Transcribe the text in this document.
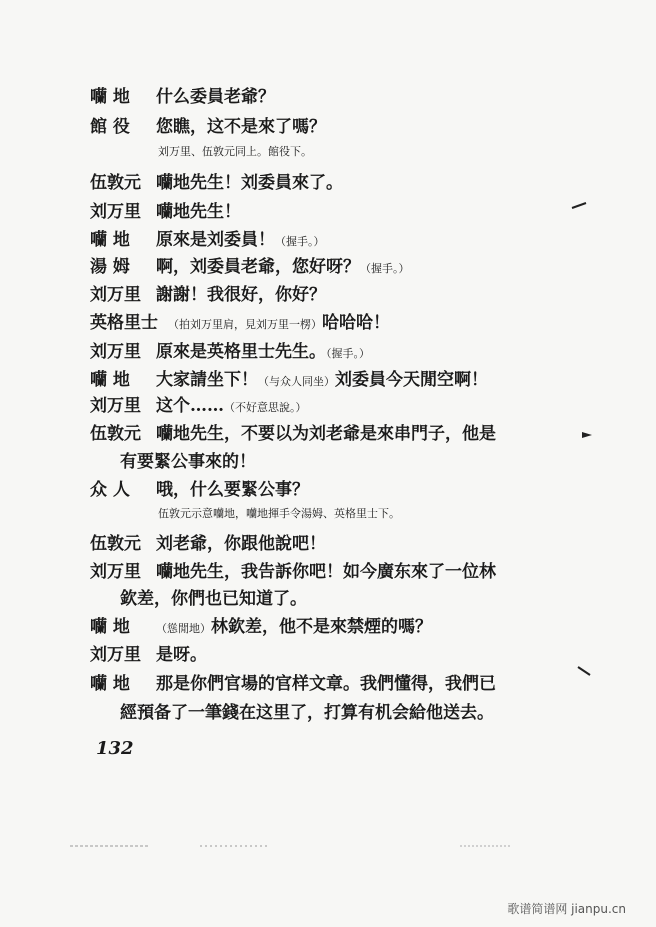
囒 地 什么委員老爺？
館 役 您瞧，这不是來了嗎？
刘万里、伍敦元同上。館役下。
伍敦元 囒地先生！刘委員來了。
刘万里 囒地先生！
囒 地 原來是刘委員！（握手。）
湯 姆 啊，刘委員老爺，您好呀？（握手。）
刘万里 謝謝！我很好，你好？
英格里士 （拍刘万里肩，見刘万里一楞）哈哈哈！
刘万里 原來是英格里士先生。（握手。）
囒 地 大家請坐下！（与众人同坐）刘委員今天閒空啊！
刘万里 这个……（不好意思說。）
伍敦元 囒地先生，不要以为刘老爺是來串門子，他是
有要緊公事來的！
众 人 哦，什么要緊公事？
伍敦元示意囒地，囒地揮手令湯姆、英格里士下。
伍敦元 刘老爺，你跟他說吧！
刘万里 囒地先生，我告訴你吧！如今廣东來了一位林
欽差，你們也已知道了。
囒 地 （慫閒地）林欽差，他不是來禁煙的嗎？
刘万里 是呀。
囒 地 那是你們官場的官样文章。我們懂得，我們已
經預备了一筆錢在这里了，打算有机会給他送去。
132
歌谱简谱网 jianpu.cn
